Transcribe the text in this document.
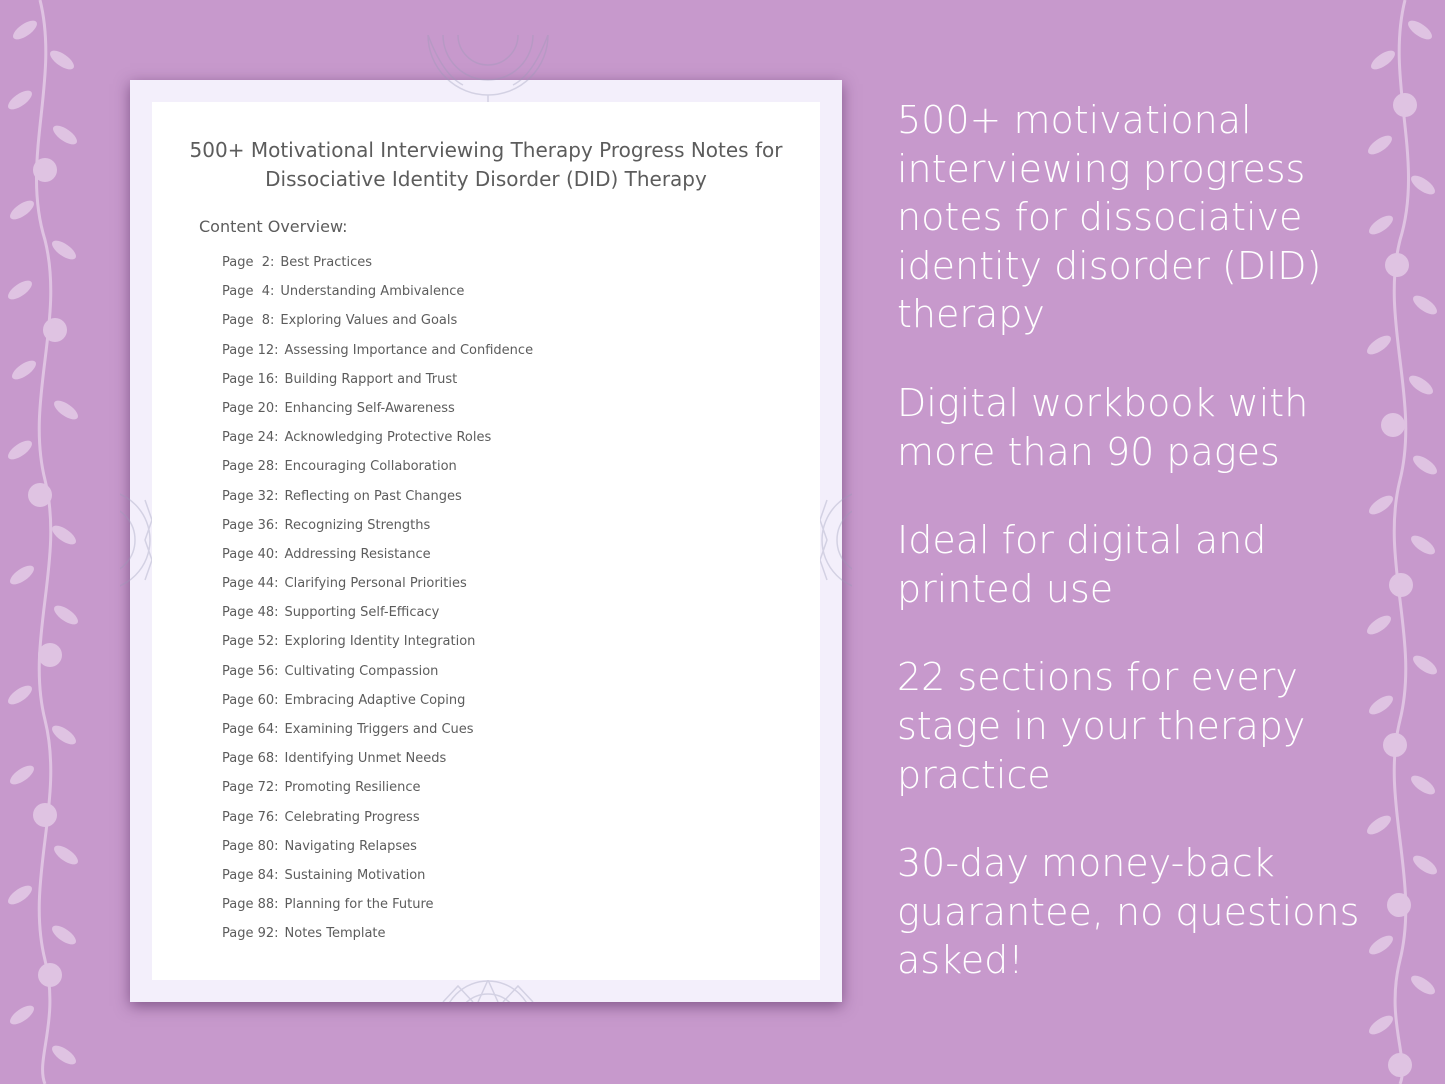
500+ Motivational Interviewing Therapy Progress Notes for
Dissociative Identity Disorder (DID) Therapy
Content Overview:
Page  2: Best Practices
Page  4: Understanding Ambivalence
Page  8: Exploring Values and Goals
Page 12: Assessing Importance and Confidence
Page 16: Building Rapport and Trust
Page 20: Enhancing Self-Awareness
Page 24: Acknowledging Protective Roles
Page 28: Encouraging Collaboration
Page 32: Reflecting on Past Changes
Page 36: Recognizing Strengths
Page 40: Addressing Resistance
Page 44: Clarifying Personal Priorities
Page 48: Supporting Self-Efficacy
Page 52: Exploring Identity Integration
Page 56: Cultivating Compassion
Page 60: Embracing Adaptive Coping
Page 64: Examining Triggers and Cues
Page 68: Identifying Unmet Needs
Page 72: Promoting Resilience
Page 76: Celebrating Progress
Page 80: Navigating Relapses
Page 84: Sustaining Motivation
Page 88: Planning for the Future
Page 92: Notes Template
500+ motivational interviewing progress notes for dissociative identity disorder (DID) therapy
Digital workbook with more than 90 pages
Ideal for digital and printed use
22 sections for every stage in your therapy practice
30-day money-back guarantee, no questions asked!
